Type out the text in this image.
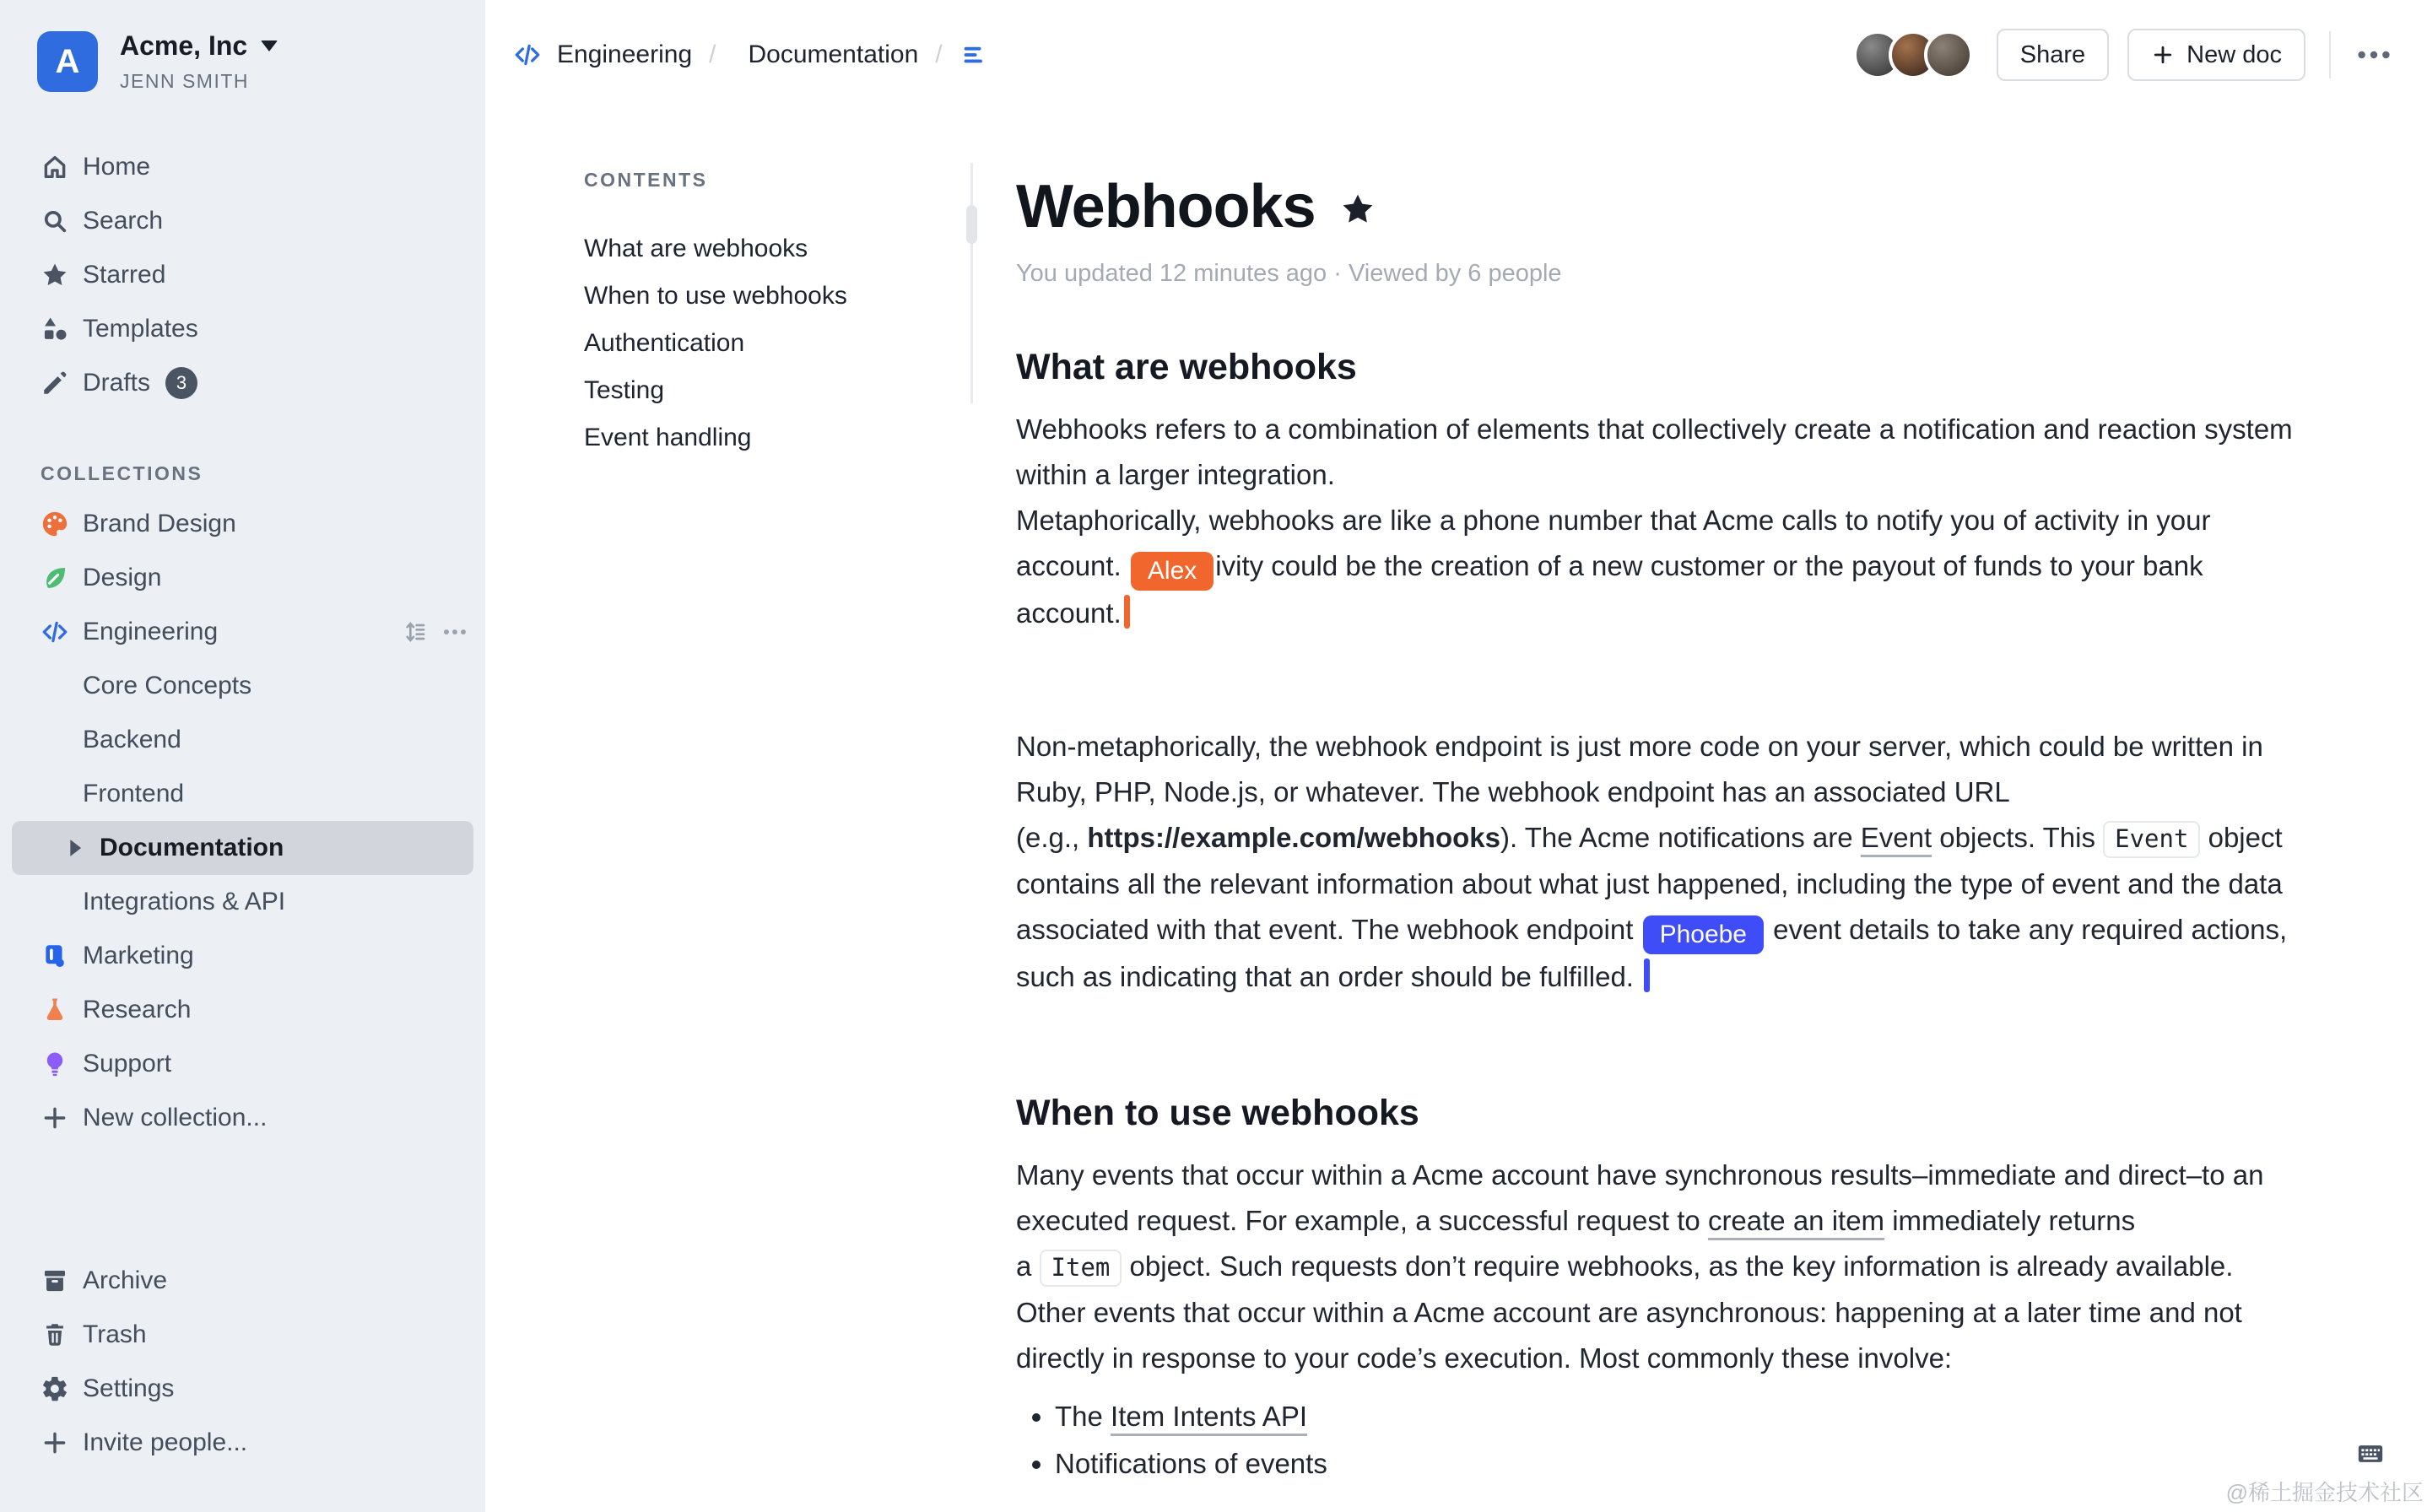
A	Acme, Inc
JENN SMITH
Home
Search
Starred
Templates
Drafts	3
COLLECTIONS
Brand Design
Design
Engineering
Core Concepts
Backend
Frontend
Documentation
Integrations & API
Marketing
Research
Support
New collection...
Archive
Trash
Settings
Invite people...
Engineering / Documentation /	Share	New doc
CONTENTS
What are webhooks
When to use webhooks
Authentication
Testing
Event handling
Webhooks
You updated 12 minutes ago · Viewed by 6 people
What are webhooks

Webhooks refers to a combination of elements that collectively create a notification and reaction system
within a larger integration.
Metaphorically, webhooks are like a phone number that Acme calls to notify you of activity in your
account. Alex ivity could be the creation of a new customer or the payout of funds to your bank
account.

Non-metaphorically, the webhook endpoint is just more code on your server, which could be written in
Ruby, PHP, Node.js, or whatever. The webhook endpoint has an associated URL
(e.g., https://example.com/webhooks). The Acme notifications are Event objects. This Event object
contains all the relevant information about what just happened, including the type of event and the data
associated with that event. The webhook endpoint Phoebe event details to take any required actions,
such as indicating that an order should be fulfilled.

When to use webhooks

Many events that occur within a Acme account have synchronous results–immediate and direct–to an
executed request. For example, a successful request to create an item immediately returns
a Item object. Such requests don’t require webhooks, as the key information is already available.
Other events that occur within a Acme account are asynchronous: happening at a later time and not
directly in response to your code’s execution. Most commonly these involve:

• The Item Intents API
• Notifications of events
@稀土掘金技术社区
